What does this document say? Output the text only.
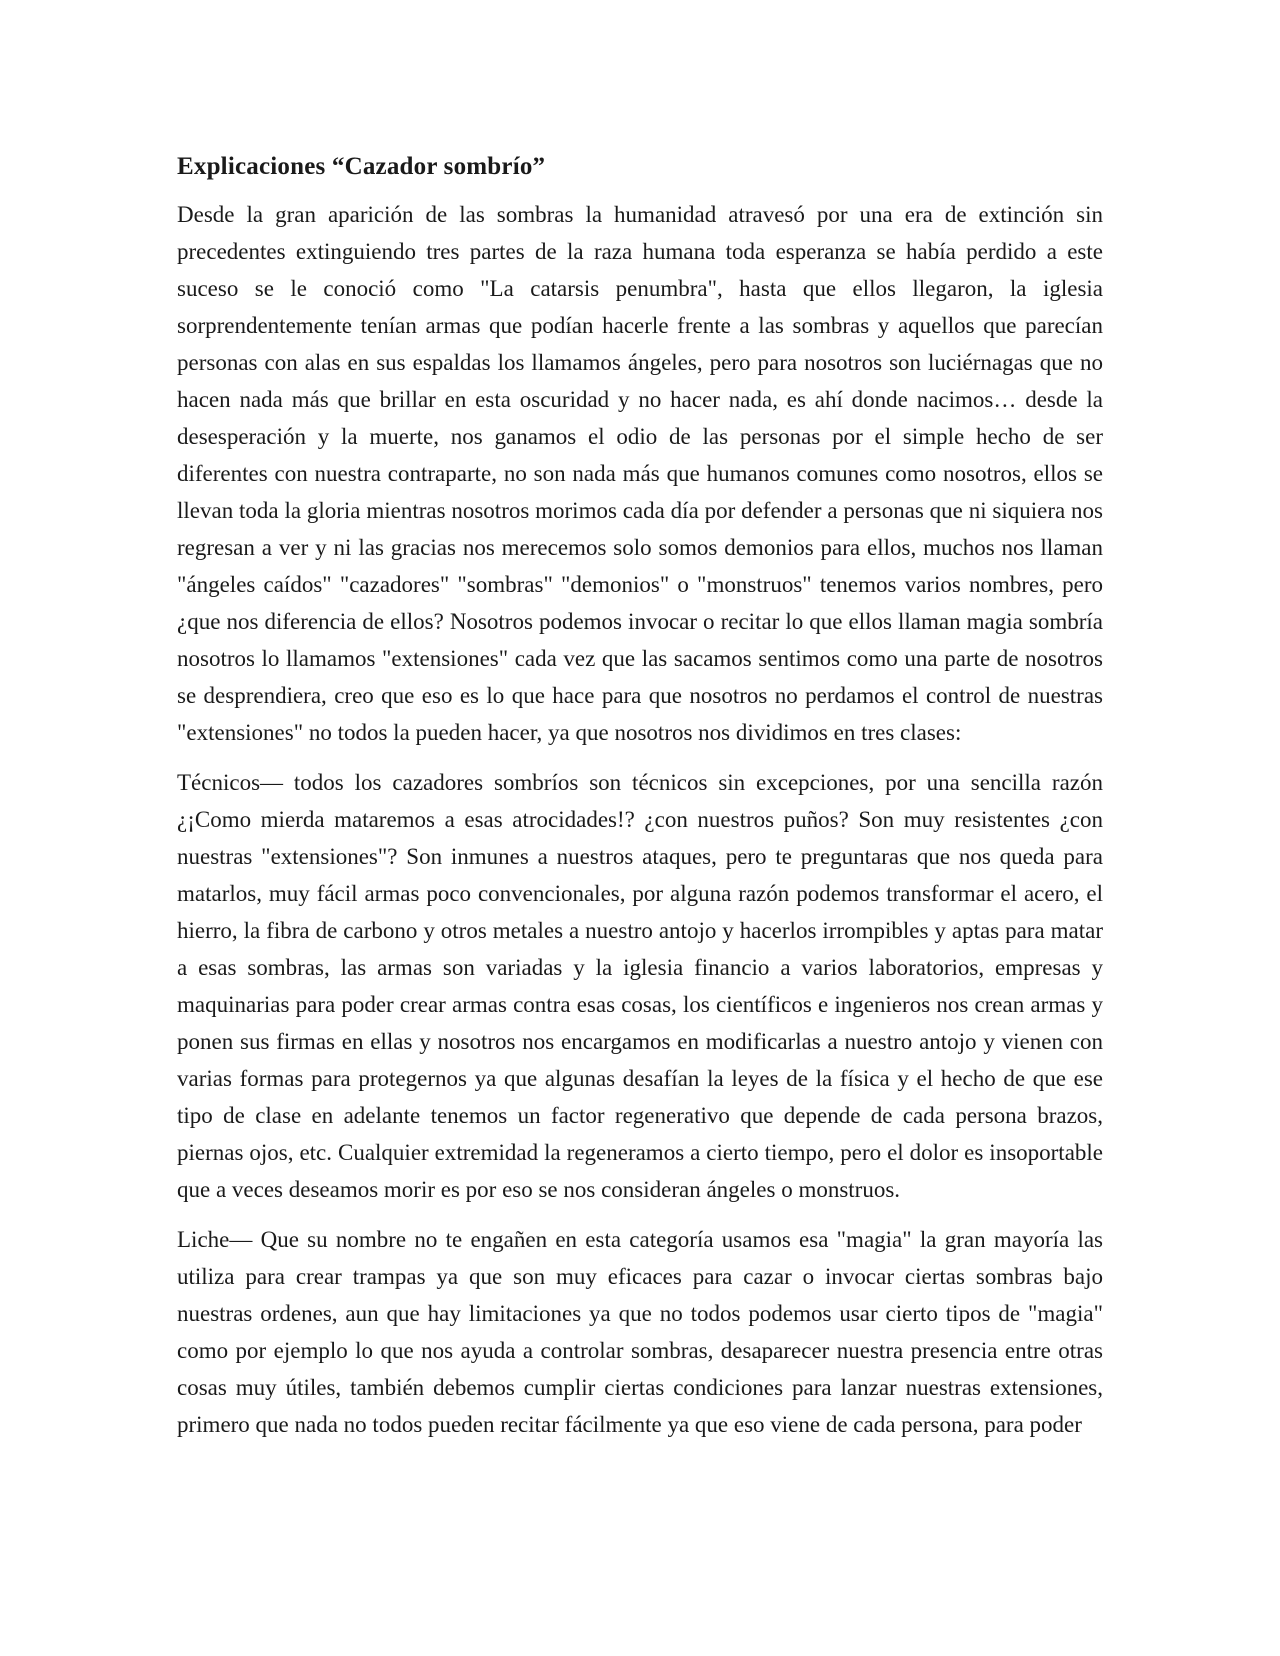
Explicaciones “Cazador sombrío”

Desde la gran aparición de las sombras la humanidad atravesó por una era de extinción sin precedentes extinguiendo tres partes de la raza humana toda esperanza se había perdido a este suceso se le conoció como "La catarsis penumbra", hasta que ellos llegaron, la iglesia sorprendentemente tenían armas que podían hacerle frente a las sombras y aquellos que parecían personas con alas en sus espaldas los llamamos ángeles, pero para nosotros son luciérnagas que no hacen nada más que brillar en esta oscuridad y no hacer nada, es ahí donde nacimos… desde la desesperación y la muerte, nos ganamos el odio de las personas por el simple hecho de ser diferentes con nuestra contraparte, no son nada más que humanos comunes como nosotros, ellos se llevan toda la gloria mientras nosotros morimos cada día por defender a personas que ni siquiera nos regresan a ver y ni las gracias nos merecemos solo somos demonios para ellos, muchos nos llaman "ángeles caídos" "cazadores" "sombras" "demonios" o "monstruos" tenemos varios nombres, pero ¿que nos diferencia de ellos? Nosotros podemos invocar o recitar lo que ellos llaman magia sombría nosotros lo llamamos "extensiones" cada vez que las sacamos sentimos como una parte de nosotros se desprendiera, creo que eso es lo que hace para que nosotros no perdamos el control de nuestras "extensiones" no todos la pueden hacer, ya que nosotros nos dividimos en tres clases:

Técnicos— todos los cazadores sombríos son técnicos sin excepciones, por una sencilla razón ¿¡Como mierda mataremos a esas atrocidades!? ¿con nuestros puños? Son muy resistentes ¿con nuestras "extensiones"? Son inmunes a nuestros ataques, pero te preguntaras que nos queda para matarlos, muy fácil armas poco convencionales, por alguna razón podemos transformar el acero, el hierro, la fibra de carbono y otros metales a nuestro antojo y hacerlos irrompibles y aptas para matar a esas sombras, las armas son variadas y la iglesia financio a varios laboratorios, empresas y maquinarias para poder crear armas contra esas cosas, los científicos e ingenieros nos crean armas y ponen sus firmas en ellas y nosotros nos encargamos en modificarlas a nuestro antojo y vienen con varias formas para protegernos ya que algunas desafían la leyes de la física y el hecho de que ese tipo de clase en adelante tenemos un factor regenerativo que depende de cada persona brazos, piernas ojos, etc. Cualquier extremidad la regeneramos a cierto tiempo, pero el dolor es insoportable que a veces deseamos morir es por eso se nos consideran ángeles o monstruos.

Liche— Que su nombre no te engañen en esta categoría usamos esa "magia" la gran mayoría las utiliza para crear trampas ya que son muy eficaces para cazar o invocar ciertas sombras bajo nuestras ordenes, aun que hay limitaciones ya que no todos podemos usar cierto tipos de "magia" como por ejemplo lo que nos ayuda a controlar sombras, desaparecer nuestra presencia entre otras cosas muy útiles, también debemos cumplir ciertas condiciones para lanzar nuestras extensiones, primero que nada no todos pueden recitar fácilmente ya que eso viene de cada persona, para poder
